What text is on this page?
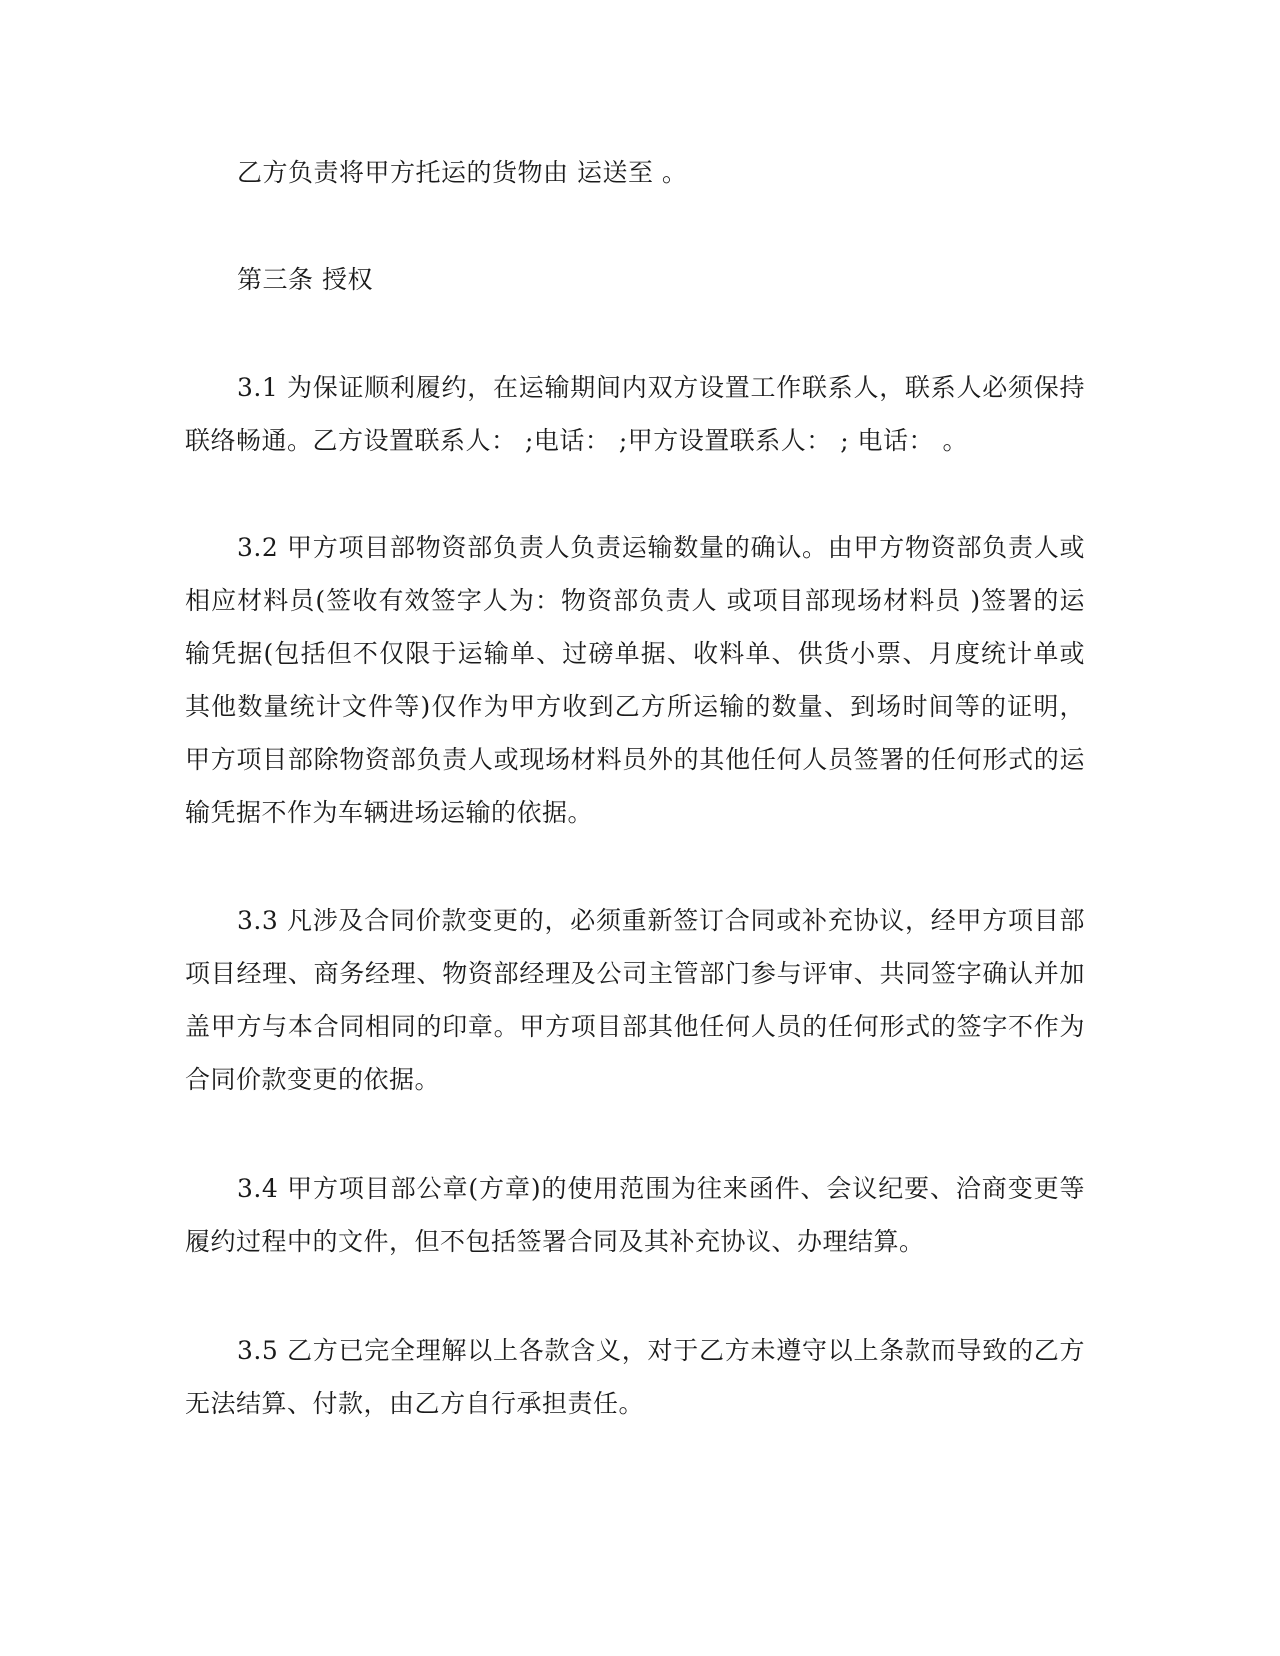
乙方负责将甲方托运的货物由 运送至 。

第三条 授权

3.1 为保证顺利履约，在运输期间内双方设置工作联系人，联系人必须保持联络畅通。乙方设置联系人： ;电话： ;甲方设置联系人： ; 电话： 。

3.2 甲方项目部物资部负责人负责运输数量的确认。由甲方物资部负责人或相应材料员(签收有效签字人为：物资部负责人 或项目部现场材料员 )签署的运输凭据(包括但不仅限于运输单、过磅单据、收料单、供货小票、月度统计单或其他数量统计文件等)仅作为甲方收到乙方所运输的数量、到场时间等的证明，甲方项目部除物资部负责人或现场材料员外的其他任何人员签署的任何形式的运输凭据不作为车辆进场运输的依据。

3.3 凡涉及合同价款变更的，必须重新签订合同或补充协议，经甲方项目部项目经理、商务经理、物资部经理及公司主管部门参与评审、共同签字确认并加盖甲方与本合同相同的印章。甲方项目部其他任何人员的任何形式的签字不作为合同价款变更的依据。

3.4 甲方项目部公章(方章)的使用范围为往来函件、会议纪要、洽商变更等履约过程中的文件，但不包括签署合同及其补充协议、办理结算。

3.5 乙方已完全理解以上各款含义，对于乙方未遵守以上条款而导致的乙方无法结算、付款，由乙方自行承担责任。
